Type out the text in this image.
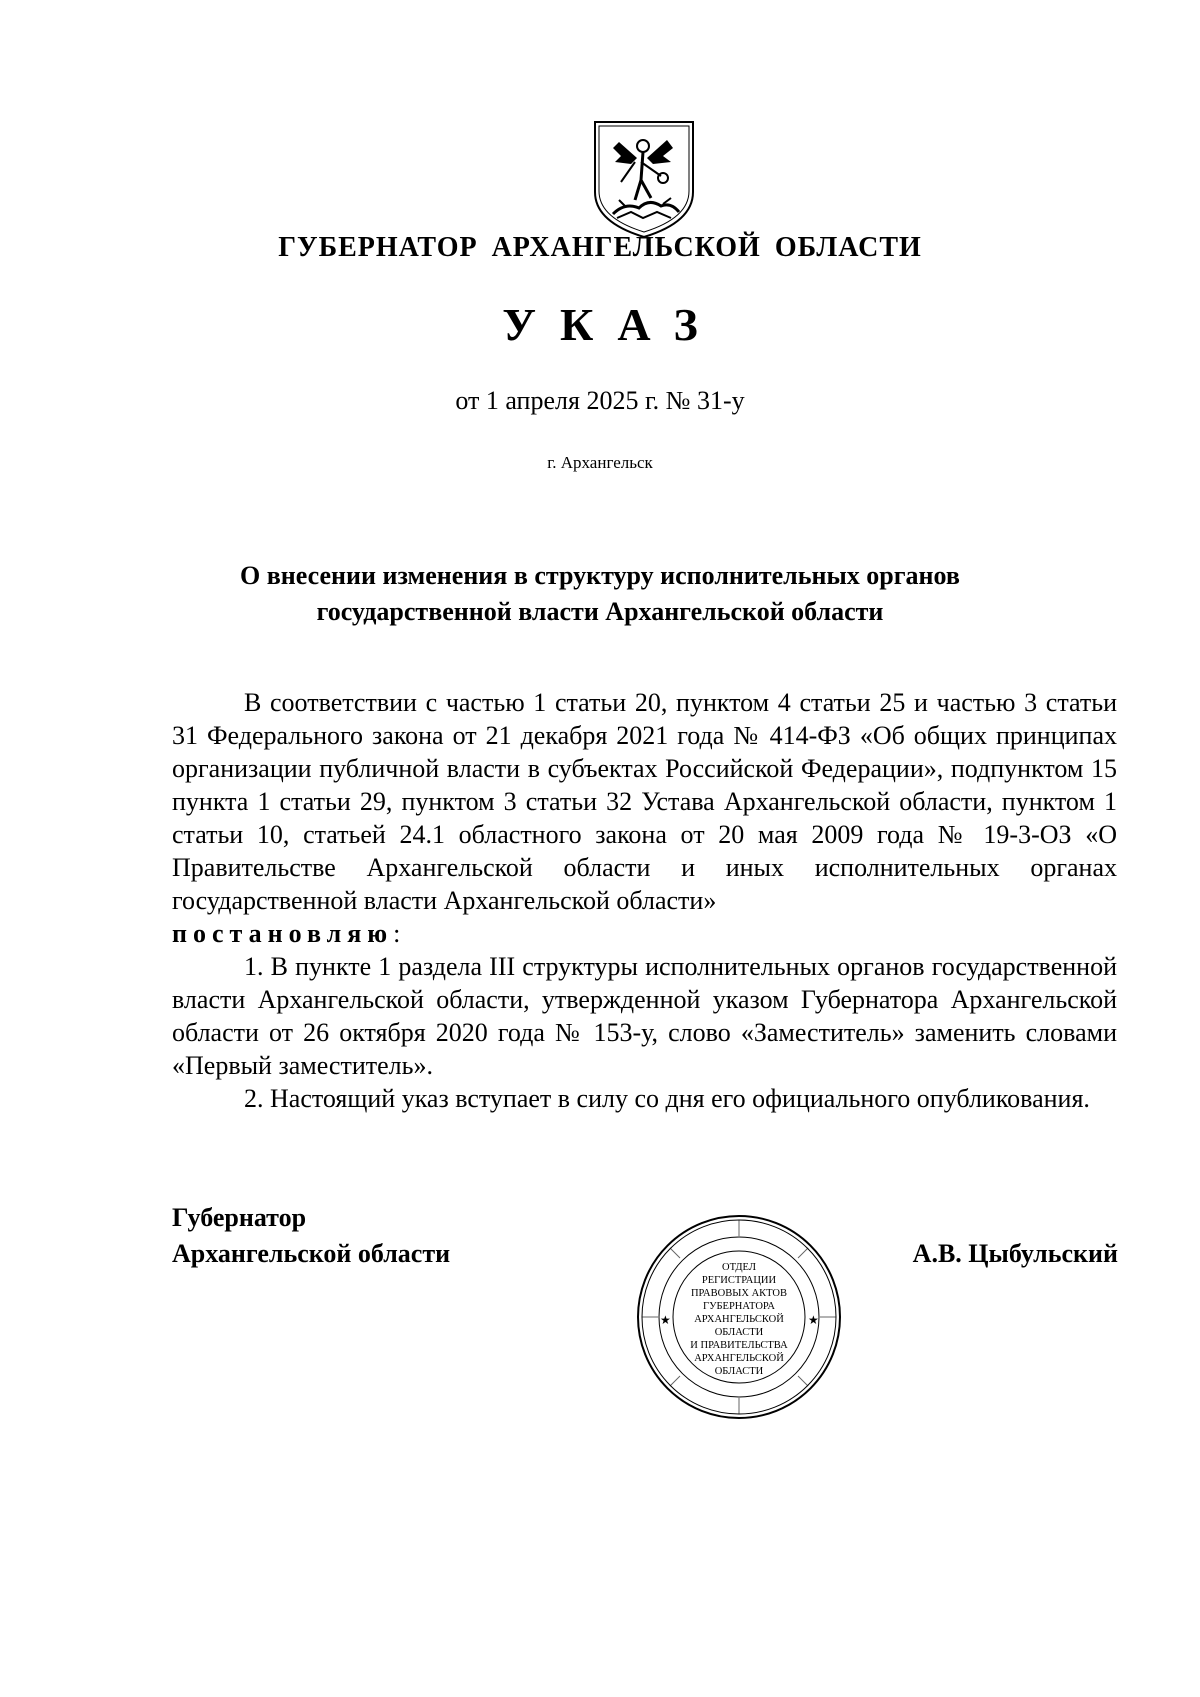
ГУБЕРНАТОР АРХАНГЕЛЬСКОЙ ОБЛАСТИ
УКАЗ
от 1 апреля 2025 г. № 31-у
г. Архангельск
О внесении изменения в структуру исполнительных органов
государственной власти Архангельской области

В соответствии с частью 1 статьи 20, пунктом 4 статьи 25 и частью 3 статьи 31 Федерального закона от 21 декабря 2021 года № 414-ФЗ «Об общих принципах организации публичной власти в субъектах Российской Федерации», подпунктом 15 пункта 1 статьи 29, пунктом 3 статьи 32 Устава Архангельской области, пунктом 1 статьи 10, статьей 24.1 областного закона от 20 мая 2009 года № 19-3-ОЗ «О Правительстве Архангельской области и иных исполнительных органах государственной власти Архангельской области»

постановляю:

1. В пункте 1 раздела III структуры исполнительных органов государственной власти Архангельской области, утвержденной указом Губернатора Архангельской области от 26 октября 2020 года № 153-у, слово «Заместитель» заменить словами «Первый заместитель».

2. Настоящий указ вступает в силу со дня его официального опубликования.

Губернатор
Архангельской области
★	★
ОТДЕЛ
РЕГИСТРАЦИИ
ПРАВОВЫХ АКТОВ
ГУБЕРНАТОРА
АРХАНГЕЛЬСКОЙ
ОБЛАСТИ
И ПРАВИТЕЛЬСТВА
АРХАНГЕЛЬСКОЙ
ОБЛАСТИ
А.В. Цыбульский
